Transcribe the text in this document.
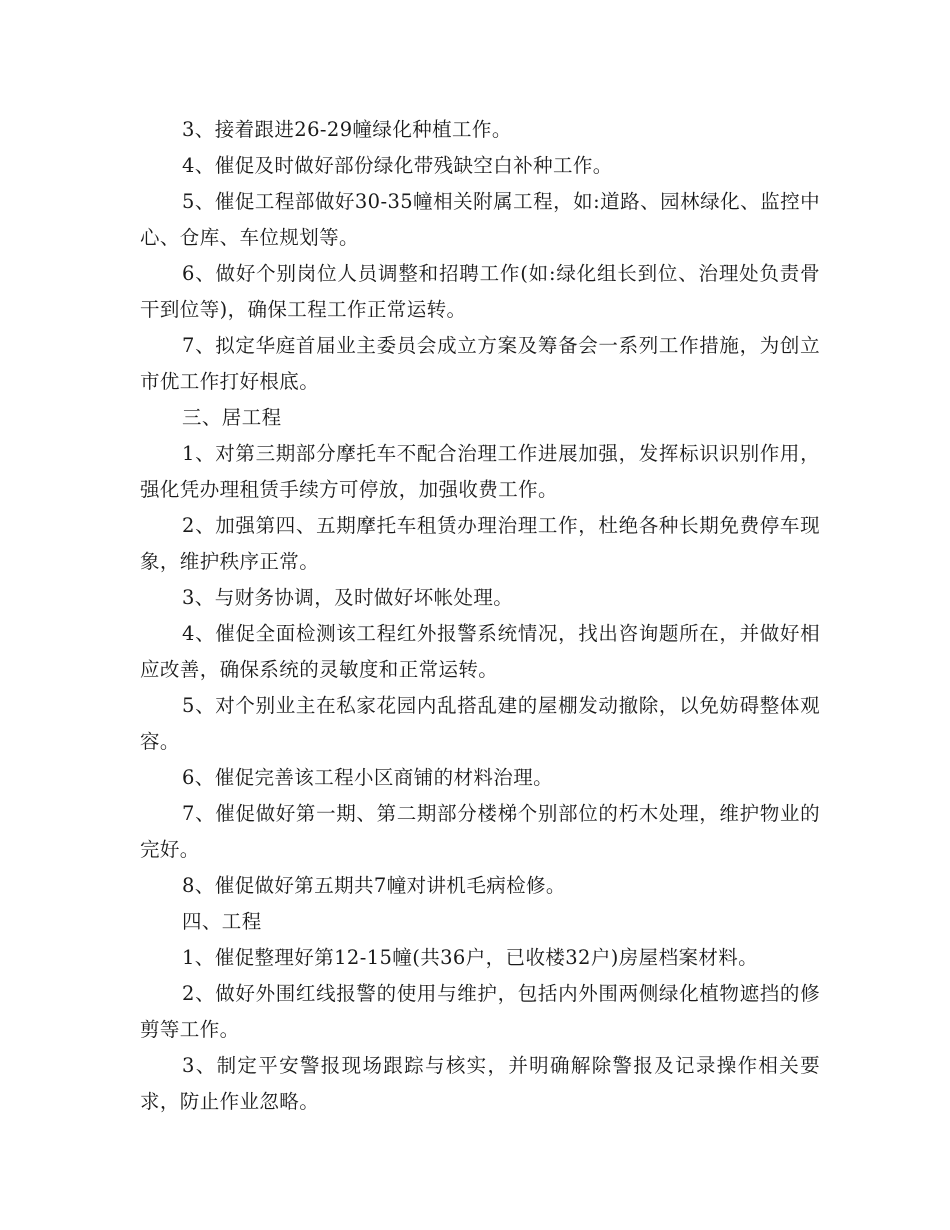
3、接着跟进26-29幢绿化种植工作。

4、催促及时做好部份绿化带残缺空白补种工作。

5、催促工程部做好30-35幢相关附属工程，如:道路、园林绿化、监控中心、仓库、车位规划等。

6、做好个别岗位人员调整和招聘工作(如:绿化组长到位、治理处负责骨干到位等)，确保工程工作正常运转。

7、拟定华庭首届业主委员会成立方案及筹备会一系列工作措施，为创立市优工作打好根底。

三、居工程

1、对第三期部分摩托车不配合治理工作进展加强，发挥标识识别作用，强化凭办理租赁手续方可停放，加强收费工作。

2、加强第四、五期摩托车租赁办理治理工作，杜绝各种长期免费停车现象，维护秩序正常。

3、与财务协调，及时做好坏帐处理。

4、催促全面检测该工程红外报警系统情况，找出咨询题所在，并做好相应改善，确保系统的灵敏度和正常运转。

5、对个别业主在私家花园内乱搭乱建的屋棚发动撤除，以免妨碍整体观容。

6、催促完善该工程小区商铺的材料治理。

7、催促做好第一期、第二期部分楼梯个别部位的朽木处理，维护物业的完好。

8、催促做好第五期共7幢对讲机毛病检修。

四、工程

1、催促整理好第12-15幢(共36户，已收楼32户)房屋档案材料。

2、做好外围红线报警的使用与维护，包括内外围两侧绿化植物遮挡的修剪等工作。

3、制定平安警报现场跟踪与核实，并明确解除警报及记录操作相关要求，防止作业忽略。
